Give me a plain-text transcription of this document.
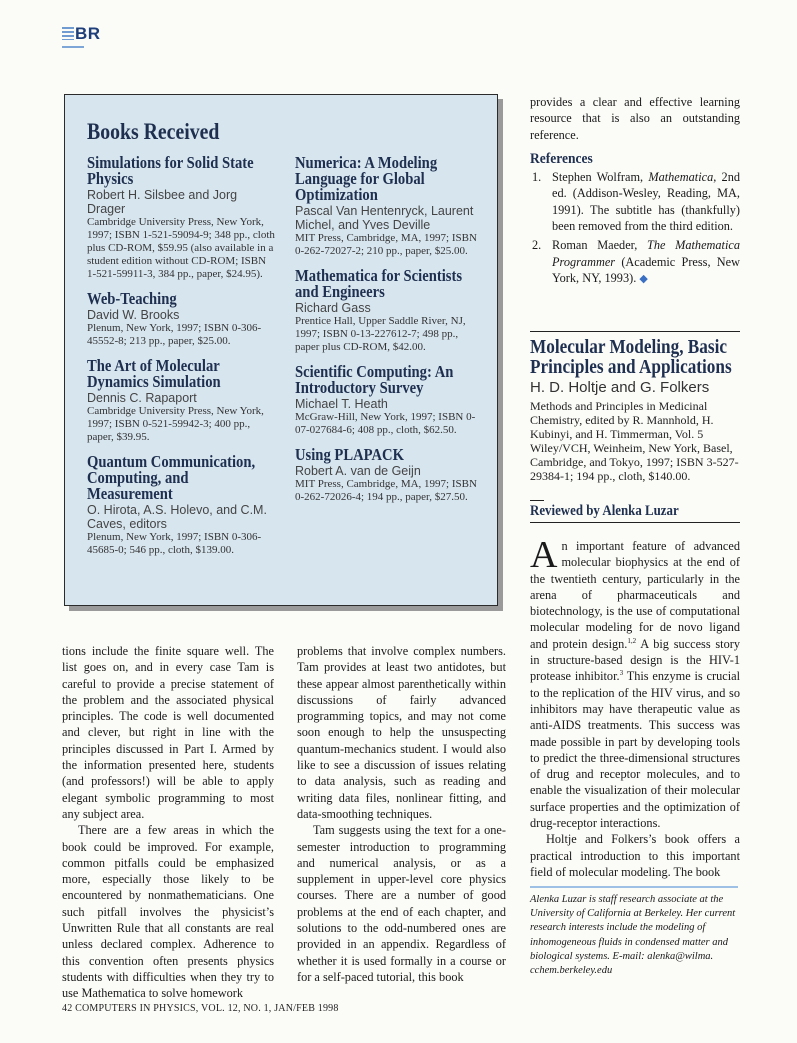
BR
Books Received
Simulations for Solid State Physics
Robert H. Silsbee and Jorg Drager
Cambridge University Press, New York, 1997; ISBN 1-521-59094-9; 348 pp., cloth plus CD-ROM, $59.95 (also available in a student edition without CD-ROM; ISBN 1-521-59911-3, 384 pp., paper, $24.95).
Web-Teaching
David W. Brooks
Plenum, New York, 1997; ISBN 0-306-45552-8; 213 pp., paper, $25.00.
The Art of Molecular Dynamics Simulation
Dennis C. Rapaport
Cambridge University Press, New York, 1997; ISBN 0-521-59942-3; 400 pp., paper, $39.95.
Quantum Communication, Computing, and Measurement
O. Hirota, A.S. Holevo, and C.M. Caves, editors
Plenum, New York, 1997; ISBN 0-306-45685-0; 546 pp., cloth, $139.00.
Numerica: A Modeling Language for Global Optimization
Pascal Van Hentenryck, Laurent Michel, and Yves Deville
MIT Press, Cambridge, MA, 1997; ISBN 0-262-72027-2; 210 pp., paper, $25.00.
Mathematica for Scientists and Engineers
Richard Gass
Prentice Hall, Upper Saddle River, NJ, 1997; ISBN 0-13-227612-7; 498 pp., paper plus CD-ROM, $42.00.
Scientific Computing: An Introductory Survey
Michael T. Heath
McGraw-Hill, New York, 1997; ISBN 0-07-027684-6; 408 pp., cloth, $62.50.
Using PLAPACK
Robert A. van de Geijn
MIT Press, Cambridge, MA, 1997; ISBN 0-262-72026-4; 194 pp., paper, $27.50.

tions include the finite square well. The list goes on, and in every case Tam is careful to provide a precise statement of the problem and the associated physical principles. The code is well documented and clever, but right in line with the principles discussed in Part I. Armed by the information presented here, students (and professors!) will be able to apply elegant symbolic programming to most any subject area.

There are a few areas in which the book could be improved. For example, common pitfalls could be emphasized more, especially those likely to be encountered by nonmathematicians. One such pitfall involves the physicist’s Unwritten Rule that all constants are real unless declared complex. Adherence to this convention often presents physics students with difficulties when they try to use Mathematica to solve homework

problems that involve complex numbers. Tam provides at least two antidotes, but these appear almost parenthetically within discussions of fairly advanced programming topics, and may not come soon enough to help the unsuspecting quantum-mechanics student. I would also like to see a discussion of issues relating to data analysis, such as reading and writing data files, nonlinear fitting, and data-smoothing techniques.

Tam suggests using the text for a one-semester introduction to programming and numerical analysis, or as a supplement in upper-level core physics courses. There are a number of good problems at the end of each chapter, and solutions to the odd-numbered ones are provided in an appendix. Regardless of whether it is used formally in a course or for a self-paced tutorial, this book

provides a clear and effective learning resource that is also an outstanding reference.

References
1. Stephen Wolfram, Mathematica, 2nd ed. (Addison-Wesley, Reading, MA, 1991). The subtitle has (thankfully) been removed from the third edition.
2. Roman Maeder, The Mathematica Programmer (Academic Press, New York, NY, 1993). ◆
Molecular Modeling, Basic
Principles and Applications
H. D. Holtje and G. Folkers
Methods and Principles in Medicinal Chemistry, edited by R. Mannhold, H. Kubinyi, and H. Timmerman, Vol. 5 Wiley/VCH, Weinheim, New York, Basel, Cambridge, and Tokyo, 1997; ISBN 3-527-29384-1; 194 pp., cloth, $140.00.
Reviewed by Alenka Luzar

An important feature of advanced molecular biophysics at the end of the twentieth century, particularly in the arena of pharmaceuticals and biotechnology, is the use of computational molecular modeling for de novo ligand and protein design.$^{1,2}$ A big success story in structure-based design is the HIV-1 protease inhibitor.$^3$ This enzyme is crucial to the replication of the HIV virus, and so inhibitors may have therapeutic value as anti-AIDS treatments. This success was made possible in part by developing tools to predict the three-dimensional structures of drug and receptor molecules, and to enable the visualization of their molecular surface properties and the optimization of drug-receptor interactions.

Holtje and Folkers’s book offers a practical introduction to this important field of molecular modeling. The book

Alenka Luzar is staff research associate at the University of California at Berkeley. Her current research interests include the modeling of inhomogeneous fluids in condensed matter and biological systems. E-mail: alenka@wilma. cchem.berkeley.edu
42 COMPUTERS IN PHYSICS, VOL. 12, NO. 1, JAN/FEB 1998
